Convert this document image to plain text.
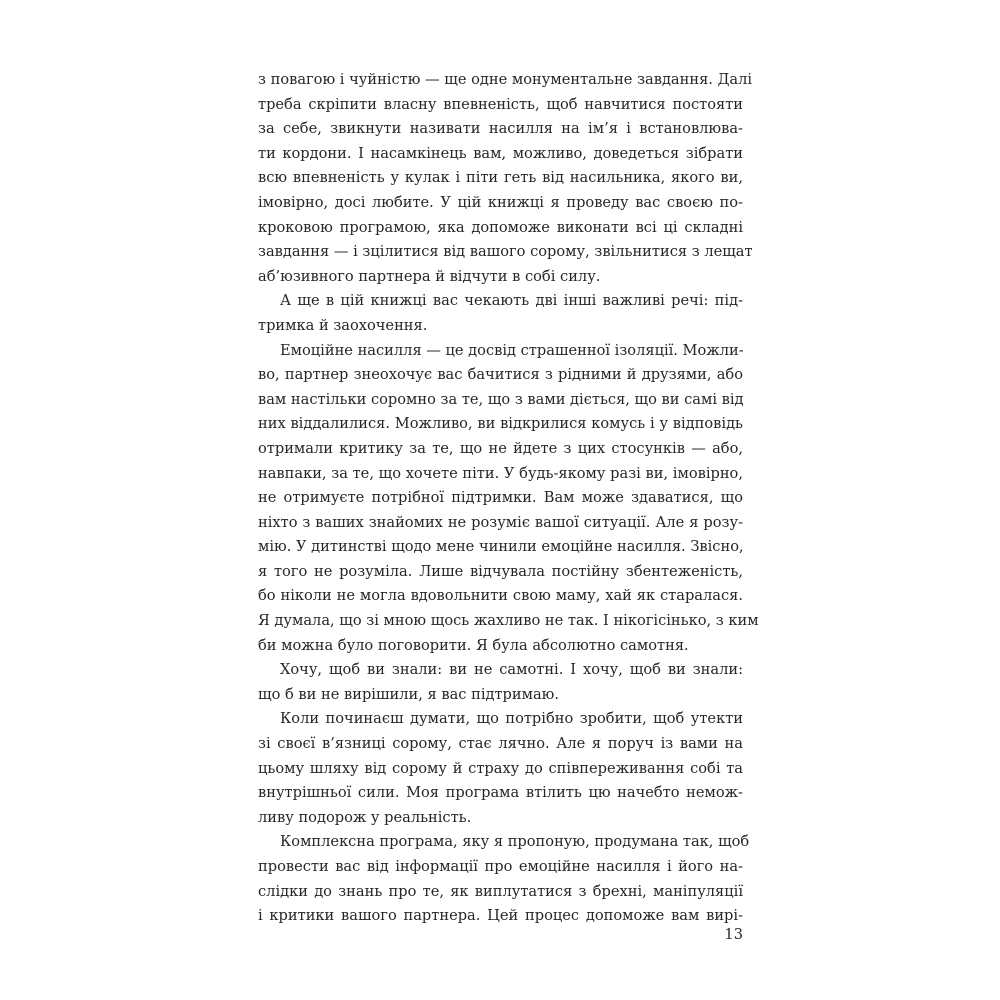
з повагою і чуйністю — ще одне монументальне завдання. Далі
треба скріпити власну впевненість, щоб навчитися постояти
за себе, звикнути називати насилля на ім’я і встановлюва-
ти кордони. І насамкінець вам, можливо, доведеться зібрати
всю впевненість у кулак і піти геть від насильника, якого ви,
імовірно, досі любите. У цій книжці я проведу вас своєю по-
кроковою програмою, яка допоможе виконати всі ці складні
завдання — і зцілитися від вашого сорому, звільнитися з лещат
аб’юзивного партнера й відчути в собі силу.
А ще в цій книжці вас чекають дві інші важливі речі: під-
тримка й заохочення.
Емоційне насилля — це досвід страшенної ізоляції. Можли-
во, партнер знеохочує вас бачитися з рідними й друзями, або
вам настільки соромно за те, що з вами діється, що ви самі від
них віддалилися. Можливо, ви відкрилися комусь і у відповідь
отримали критику за те, що не йдете з цих стосунків — або,
навпаки, за те, що хочете піти. У будь-якому разі ви, імовірно,
не отримуєте потрібної підтримки. Вам може здаватися, що
ніхто з ваших знайомих не розуміє вашої ситуації. Але я розу-
мію. У дитинстві щодо мене чинили емоційне насилля. Звісно,
я того не розуміла. Лише відчувала постійну збентеженість,
бо ніколи не могла вдовольнити свою маму, хай як старалася.
Я думала, що зі мною щось жахливо не так. І нікогісінько, з ким
би можна було поговорити. Я була абсолютно самотня.
Хочу, щоб ви знали: ви не самотні. І хочу, щоб ви знали:
що б ви не вирішили, я вас підтримаю.
Коли починаєш думати, що потрібно зробити, щоб утекти
зі своєї в’язниці сорому, стає лячно. Але я поруч із вами на
цьому шляху від сорому й страху до співпереживання собі та
внутрішньої сили. Моя програма втілить цю начебто немож-
ливу подорож у реальність.
Комплексна програма, яку я пропоную, продумана так, щоб
провести вас від інформації про емоційне насилля і його на-
слідки до знань про те, як виплутатися з брехні, маніпуляції
і критики вашого партнера. Цей процес допоможе вам вирі-
13
